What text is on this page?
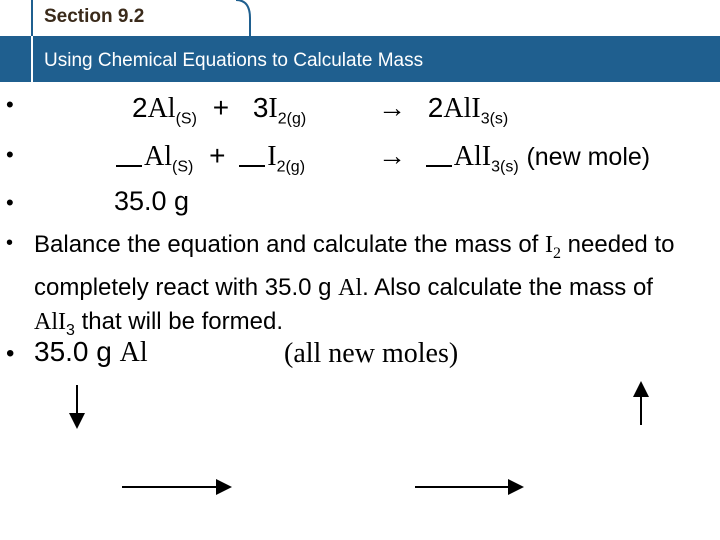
Section 9.2
Using Chemical Equations to Calculate Mass
•
•
•
$2Al_{(S)} + 3I_{2(g)}$	→ 2AlI$_{3(s)}$
$Al_{(S)} + I_{2(g)}$	→ AlI$_{3(s)}$ (new mole)
35.0 g
• Balance the equation and calculate the mass of $I_2$ needed to completely react with 35.0 g Al. Also calculate the mass of AlI$_3$ that will be formed.
• 35.0 g Al	(all new moles)
